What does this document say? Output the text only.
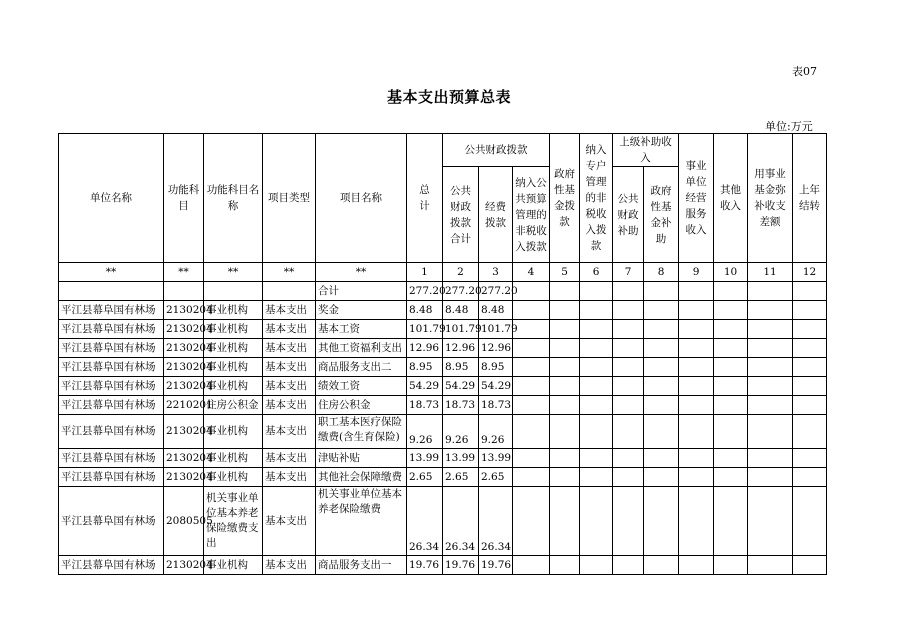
表07
基本支出预算总表
单位:万元
单位名称	功能科目	功能科目名称	项目类型	项目名称	总　计	公共财政拨款			政府性基金拨款	纳入专户管理的非税收入拨款	上级补助收入		事业单位经营服务收入	其他收入	用事业基金弥补收支差额	上年结转
						公共财政拨款合计	经费拨款	纳入公共预算管理的非税收入拨款			公共财政补助	政府性基金补助				
**	**	**	**	**	1	2	3	4	5	6	7	8	9	10	11	12
				合计	277.20	277.20	277.20									
平江县幕阜国有林场	2130204	事业机构	基本支出	奖金	8.48	8.48	8.48									
平江县幕阜国有林场	2130204	事业机构	基本支出	基本工资	101.79	101.79	101.79									
平江县幕阜国有林场	2130204	事业机构	基本支出	其他工资福利支出	12.96	12.96	12.96									
平江县幕阜国有林场	2130204	事业机构	基本支出	商品服务支出二	8.95	8.95	8.95									
平江县幕阜国有林场	2130204	事业机构	基本支出	绩效工资	54.29	54.29	54.29									
平江县幕阜国有林场	2210201	住房公积金	基本支出	住房公积金	18.73	18.73	18.73									
平江县幕阜国有林场	2130204	事业机构	基本支出	职工基本医疗保险缴费(含生育保险)	9.26	9.26	9.26									
平江县幕阜国有林场	2130204	事业机构	基本支出	津贴补贴	13.99	13.99	13.99									
平江县幕阜国有林场	2130204	事业机构	基本支出	其他社会保障缴费	2.65	2.65	2.65									
平江县幕阜国有林场	2080505	机关事业单位基本养老保险缴费支出	基本支出	机关事业单位基本养老保险缴费	26.34	26.34	26.34									
平江县幕阜国有林场	2130204	事业机构	基本支出	商品服务支出一	19.76	19.76	19.76									
